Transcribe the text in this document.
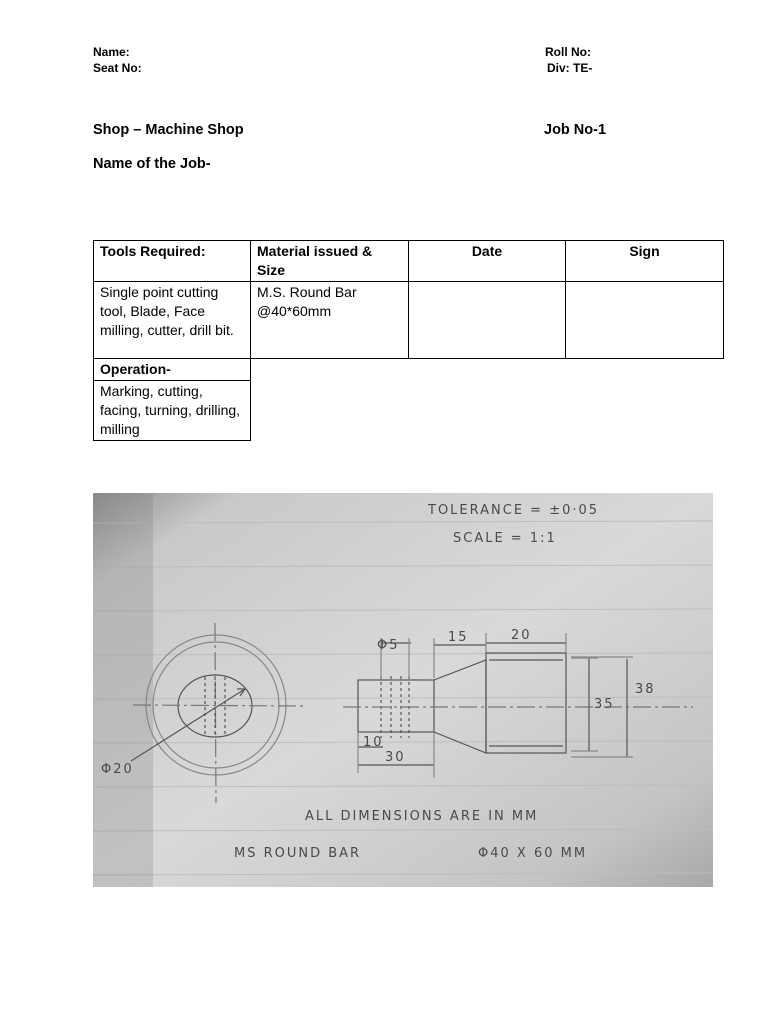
Name:
Seat No:
Roll No:
Div: TE-
Shop – Machine Shop	Job No-1
Name of the Job-
Tools Required:	Material issued & Size	Date	Sign
Single point cutting tool, Blade, Face milling, cutter, drill bit.	M.S. Round Bar @40*60mm		
Operation-			
Marking, cutting, facing, turning, drilling, milling			
TOLERANCE = ±0·05
SCALE = 1:1
Φ5
15	20
35
38
10
30
Φ20
ALL DIMENSIONS ARE IN MM
MS ROUND BAR	Φ40 X 60 MM
